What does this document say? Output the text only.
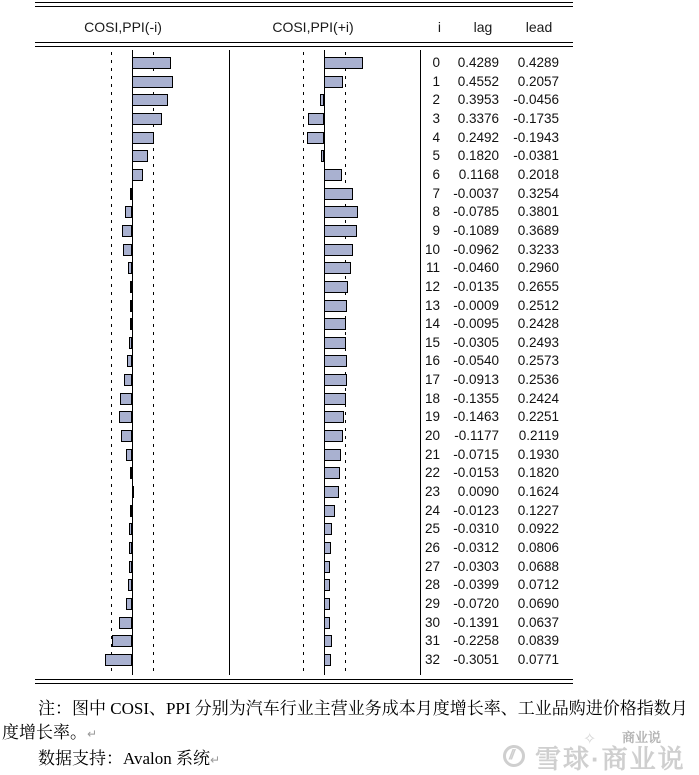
COSI,PPI(-i)	COSI,PPI(+i)	i	lag	lead
0	0.4289	0.4289
1	0.4552	0.2057
2	0.3953	-0.0456
3	0.3376	-0.1735
4	0.2492	-0.1943
5	0.1820	-0.0381
6	0.1168	0.2018
7 -0.0037	0.3254
8 -0.0785	0.3801
9 -0.1089	0.3689
10 -0.0962	0.3233
11 -0.0460	0.2960
12 -0.0135	0.2655
13 -0.0009	0.2512
14 -0.0095	0.2428
15 -0.0305	0.2493
16 -0.0540	0.2573
17 -0.0913	0.2536
18 -0.1355	0.2424
19 -0.1463	0.2251
20	-0.1177	0.2119
21 -0.0715	0.1930
22 -0.0153	0.1820
23	0.0090	0.1624
24 -0.0123	0.1227
25 -0.0310	0.0922
26 -0.0312	0.0806
27 -0.0303	0.0688
28 -0.0399	0.0712
29 -0.0720	0.0690
30 -0.1391	0.0637
31 -0.2258	0.0839
32 -0.3051	0.0771
注：图中 COSI、PPI 分别为汽车行业主营业务成本月度增长率、工业品购进价格指数月
度增长率。↵
数据支持：Avalon 系统↵
商业说
//
✧
雪球·商业说
